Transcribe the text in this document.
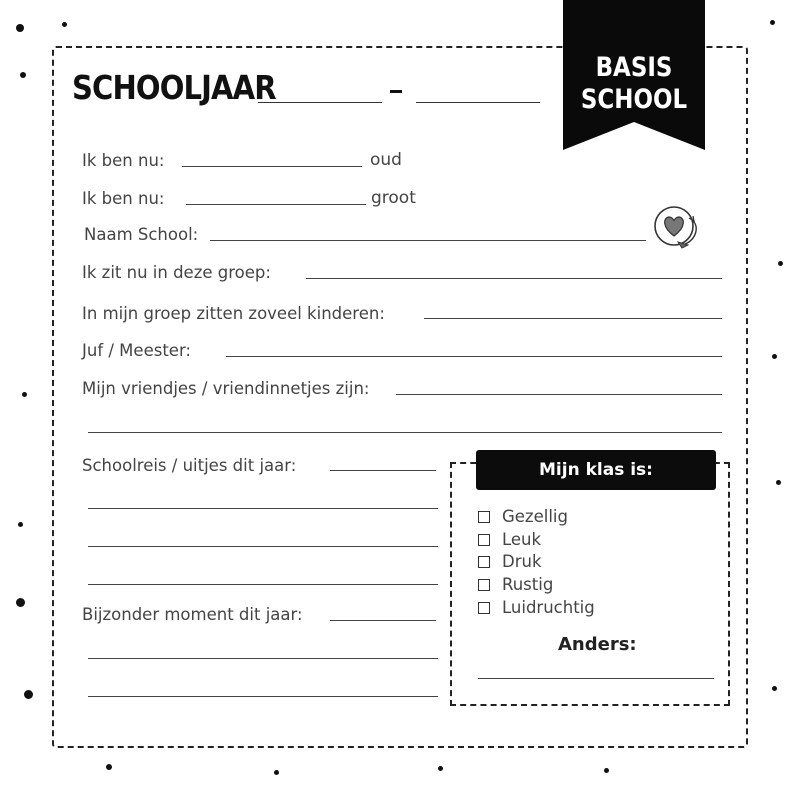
BASIS
SCHOOL
SCHOOLJAAR
Ik ben nu:	oud
Ik ben nu:	groot
Naam School:
Ik zit nu in deze groep:
In mijn groep zitten zoveel kinderen:
Juf / Meester:
Mijn vriendjes / vriendinnetjes zijn:
Schoolreis / uitjes dit jaar:
Bijzonder moment dit jaar:
Mijn klas is:
Gezellig
Leuk
Druk
Rustig
Luidruchtig
Anders:
